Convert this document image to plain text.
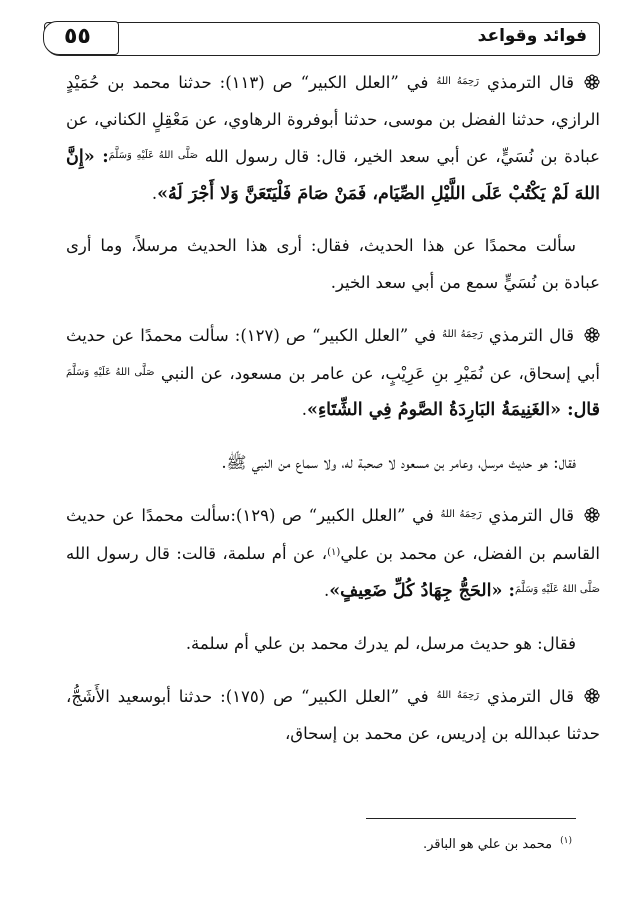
٥٥	فوائد وقواعد

قال الترمذي $^{رَحِمَهُ اللهُ}$ في ”العلل الكبير“ ص (١١٣): حدثنا محمد بن حُمَيْدٍ الرازي، حدثنا الفضل بن موسى، حدثنا أبوفروة الرهاوي، عن مَعْقِلٍ الكناني، عن عبادة بن نُسَيٍّ، عن أبي سعد الخير، قال: قال رسول الله $^{صَلَّى اللهُ عَلَيْهِ وَسَلَّمَ}$: «إِنَّ اللهَ لَمْ يَكْتُبْ عَلَى اللَّيْلِ الصِّيَام، فَمَنْ صَامَ فَلْيَتَعَنَّ وَلا أَجْرَ لَهُ».

سألت محمدًا عن هذا الحديث، فقال: أرى هذا الحديث مرسلاً، وما أرى عبادة بن نُسَيٍّ سمع من أبي سعد الخير.

قال الترمذي $^{رَحِمَهُ اللهُ}$ في ”العلل الكبير“ ص (١٢٧): سألت محمدًا عن حديث أبي إسحاق، عن نُمَيْرِ بنِ عَرِيْبٍ، عن عامر بن مسعود، عن النبي $^{صَلَّى اللهُ عَلَيْهِ وَسَلَّمَ}$ قال: «الغَنِيمَةُ البَارِدَةُ الصَّومُ فِي الشِّتَاءِ».

فقال: هو حديث مرسل، وعامر بن مسعود لا صحبة له، ولا سماع من النبي ﷺ.

قال الترمذي $^{رَحِمَهُ اللهُ}$ في ”العلل الكبير“ ص (١٢٩):سألت محمدًا عن حديث القاسم بن الفضل، عن محمد بن علي$^{(١)}$، عن أم سلمة، قالت: قال رسول الله $^{صَلَّى اللهُ عَلَيْهِ وَسَلَّمَ}$: «الحَجُّ جِهَادُ كُلِّ ضَعِيفٍ».

فقال: هو حديث مرسل، لم يدرك محمد بن علي أم سلمة.

قال الترمذي $^{رَحِمَهُ اللهُ}$ في ”العلل الكبير“ ص (١٧٥): حدثنا أبوسعيد الأَشَجُّ، حدثنا عبدالله بن إدريس، عن محمد بن إسحاق،

$^{(١)}$محمد بن علي هو الباقر.
